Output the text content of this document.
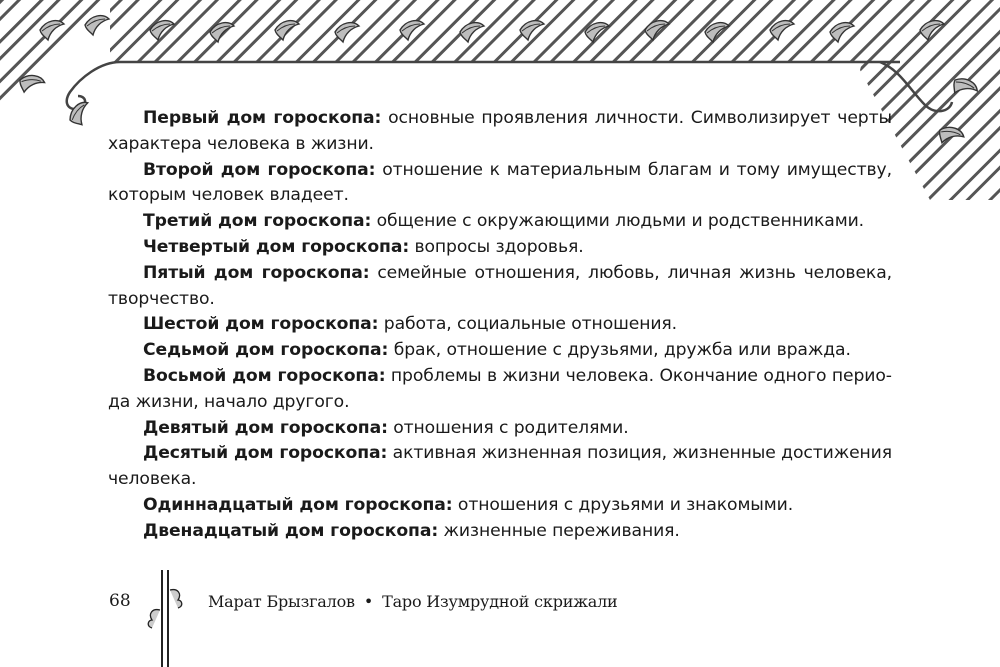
Первый дом гороскопа: основные проявления личности. Символизирует черты характера человека в жизни.

Второй дом гороскопа: отношение к материальным благам и тому имуществу, которым человек владеет.

Третий дом гороскопа: общение с окружающими людьми и родственниками.

Четвертый дом гороскопа: вопросы здоровья.

Пятый дом гороскопа: семейные отношения, любовь, личная жизнь человека, творчество.

Шестой дом гороскопа: работа, социальные отношения.

Седьмой дом гороскопа: брак, отношение с друзьями, дружба или вражда.

Восьмой дом гороскопа: проблемы в жизни человека. Окончание одного периода жизни, начало другого.

Девятый дом гороскопа: отношения с родителями.

Десятый дом гороскопа: активная жизненная позиция, жизненные достижения человека.

Одиннадцатый дом гороскопа: отношения с друзьями и знакомыми.

Двенадцатый дом гороскопа: жизненные переживания.

68	Марат Брызгалов • Таро Изумрудной скрижали
